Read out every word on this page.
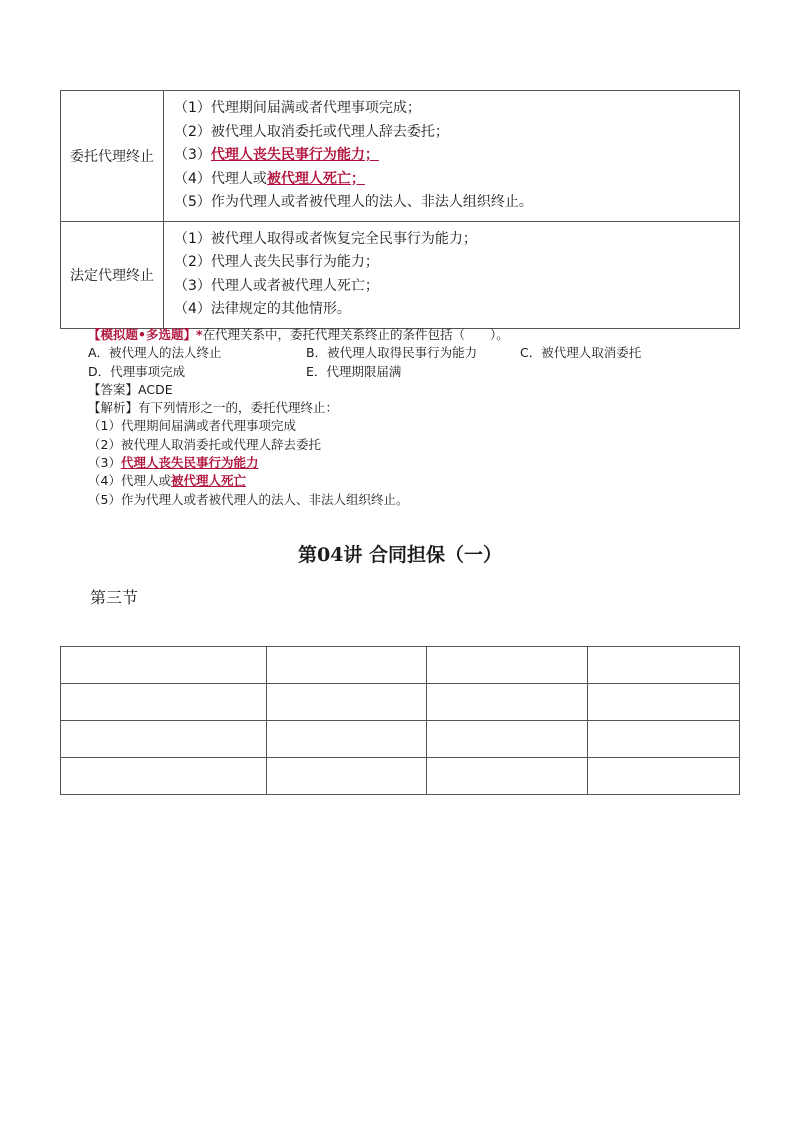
委托代理终止	（1）代理期间届满或者代理事项完成；
（2）被代理人取消委托或代理人辞去委托；
（3）代理人丧失民事行为能力；
（4）代理人或被代理人死亡；
（5）作为代理人或者被代理人的法人、非法人组织终止。

法定代理终止	（1）被代理人取得或者恢复完全民事行为能力；
（2）代理人丧失民事行为能力；
（3）代理人或者被代理人死亡；
（4）法律规定的其他情形。
【模拟题•多选题】*在代理关系中，委托代理关系终止的条件包括（　　）。
A．被代理人的法人终止	B．被代理人取得民事行为能力	C．被代理人取消委托
D．代理事项完成	E．代理期限届满
【答案】ACDE
【解析】有下列情形之一的，委托代理终止：
（1）代理期间届满或者代理事项完成
（2）被代理人取消委托或代理人辞去委托
（3）代理人丧失民事行为能力
（4）代理人或被代理人死亡
（5）作为代理人或者被代理人的法人、非法人组织终止。
第04讲 合同担保（一）
第三节
